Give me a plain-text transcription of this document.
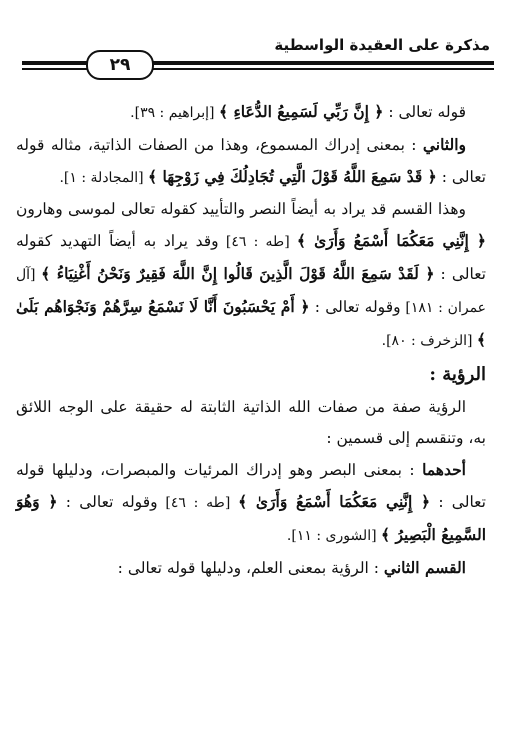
مذكرة على العقيدة الواسطية
٢٩

قوله تعالى : ﴿ إِنَّ رَبِّي لَسَمِيعُ الدُّعَاءِ ﴾ [إبراهيم : ٣٩].

والثاني : بمعنى إدراك المسموع، وهذا من الصفات الذاتية، مثاله قوله تعالى : ﴿ قَدْ سَمِعَ اللَّهُ قَوْلَ الَّتِي تُجَادِلُكَ فِي زَوْجِهَا ﴾ [المجادلة : ١].

وهذا القسم قد يراد به أيضاً النصر والتأييد كقوله تعالى لموسى وهارون ﴿ إِنَّنِي مَعَكُمَا أَسْمَعُ وَأَرَىٰ ﴾ [طه : ٤٦] وقد يراد به أيضاً التهديد كقوله تعالى : ﴿ لَقَدْ سَمِعَ اللَّهُ قَوْلَ الَّذِينَ قَالُوا إِنَّ اللَّهَ فَقِيرٌ وَنَحْنُ أَغْنِيَاءُ ﴾ [آل عمران : ١٨١] وقوله تعالى : ﴿ أَمْ يَحْسَبُونَ أَنَّا لَا نَسْمَعُ سِرَّهُمْ وَنَجْوَاهُم بَلَىٰ ﴾ [الزخرف : ٨٠].

الرؤية :

الرؤية صفة من صفات الله الذاتية الثابتة له حقيقة على الوجه اللائق به، وتنقسم إلى قسمين :

أحدهما : بمعنى البصر وهو إدراك المرئيات والمبصرات، ودليلها قوله تعالى : ﴿ إِنَّنِي مَعَكُمَا أَسْمَعُ وَأَرَىٰ ﴾ [طه : ٤٦] وقوله تعالى : ﴿ وَهُوَ السَّمِيعُ الْبَصِيرُ ﴾ [الشورى : ١١].

القسم الثاني : الرؤية بمعنى العلم، ودليلها قوله تعالى :
